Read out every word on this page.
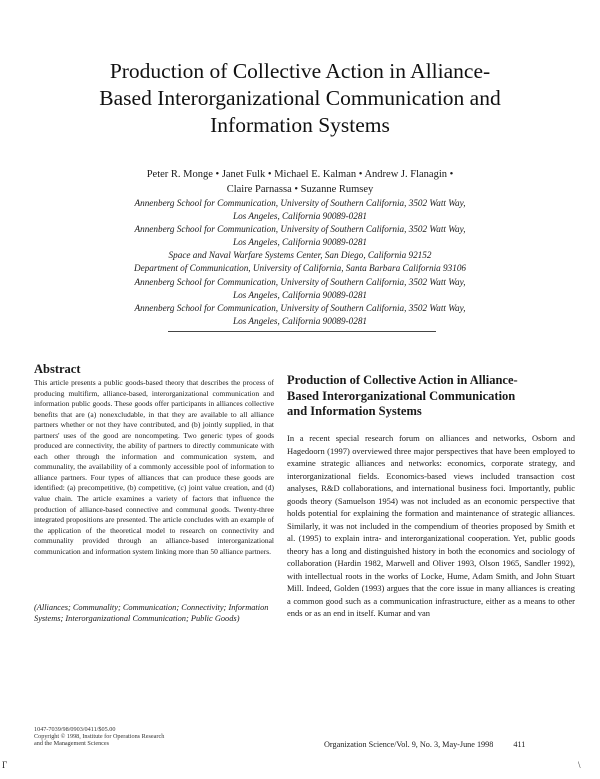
Production of Collective Action in Alliance-
Based Interorganizational Communication and
Information Systems
Peter R. Monge • Janet Fulk • Michael E. Kalman • Andrew J. Flanagin •
Claire Parnassa • Suzanne Rumsey
Annenberg School for Communication, University of Southern California, 3502 Watt Way,
Los Angeles, California 90089-0281
Annenberg School for Communication, University of Southern California, 3502 Watt Way,
Los Angeles, California 90089-0281
Space and Naval Warfare Systems Center, San Diego, California 92152
Department of Communication, University of California, Santa Barbara California 93106
Annenberg School for Communication, University of Southern California, 3502 Watt Way,
Los Angeles, California 90089-0281
Annenberg School for Communication, University of Southern California, 3502 Watt Way,
Los Angeles, California 90089-0281
Abstract
This article presents a public goods-based theory that describes the process of producing multifirm, alliance-based, interorganizational communication and information public goods. These goods offer participants in alliances collective benefits that are (a) nonexcludable, in that they are available to all alliance partners whether or not they have contributed, and (b) jointly supplied, in that partners' uses of the good are noncompeting. Two generic types of goods produced are connectivity, the ability of partners to directly communicate with each other through the information and communication system, and communality, the availability of a commonly accessible pool of information to alliance partners. Four types of alliances that can produce these goods are identified: (a) precompetitive, (b) competitive, (c) joint value creation, and (d) value chain. The article examines a variety of factors that influence the production of alliance-based connective and communal goods. Twenty-three integrated propositions are presented. The article concludes with an example of the application of the theoretical model to research on connectivity and communality provided through an alliance-based interorganizational communication and information system linking more than 50 alliance partners.
(Alliances; Communality; Communication; Connectivity; Information Systems; Interorganizational Communication; Public Goods)
Production of Collective Action in Alliance-Based Interorganizational Communication and Information Systems
In a recent special research forum on alliances and networks, Osborn and Hagedoorn (1997) overviewed three major perspectives that have been employed to examine strategic alliances and networks: economics, corporate strategy, and interorganizational fields. Economics-based views included transaction cost analyses, R&D collaborations, and international business foci. Importantly, public goods theory (Samuelson 1954) was not included as an economic perspective that holds potential for explaining the formation and maintenance of strategic alliances. Similarly, it was not included in the compendium of theories proposed by Smith et al. (1995) to explain intra- and interorganizational cooperation. Yet, public goods theory has a long and distinguished history in both the economics and sociology of collaboration (Hardin 1982, Marwell and Oliver 1993, Olson 1965, Sandler 1992), with intellectual roots in the works of Locke, Hume, Adam Smith, and John Stuart Mill. Indeed, Golden (1993) argues that the core issue in many alliances is creating a common good such as a communication infrastructure, either as a means to other ends or as an end in itself. Kumar and van
1047-7039/98/0903/0411/$05.00
Copyright © 1998, Institute for Operations Research
and the Management Sciences	Organization Science/Vol. 9, No. 3, May-June 1998 411
Г	\
